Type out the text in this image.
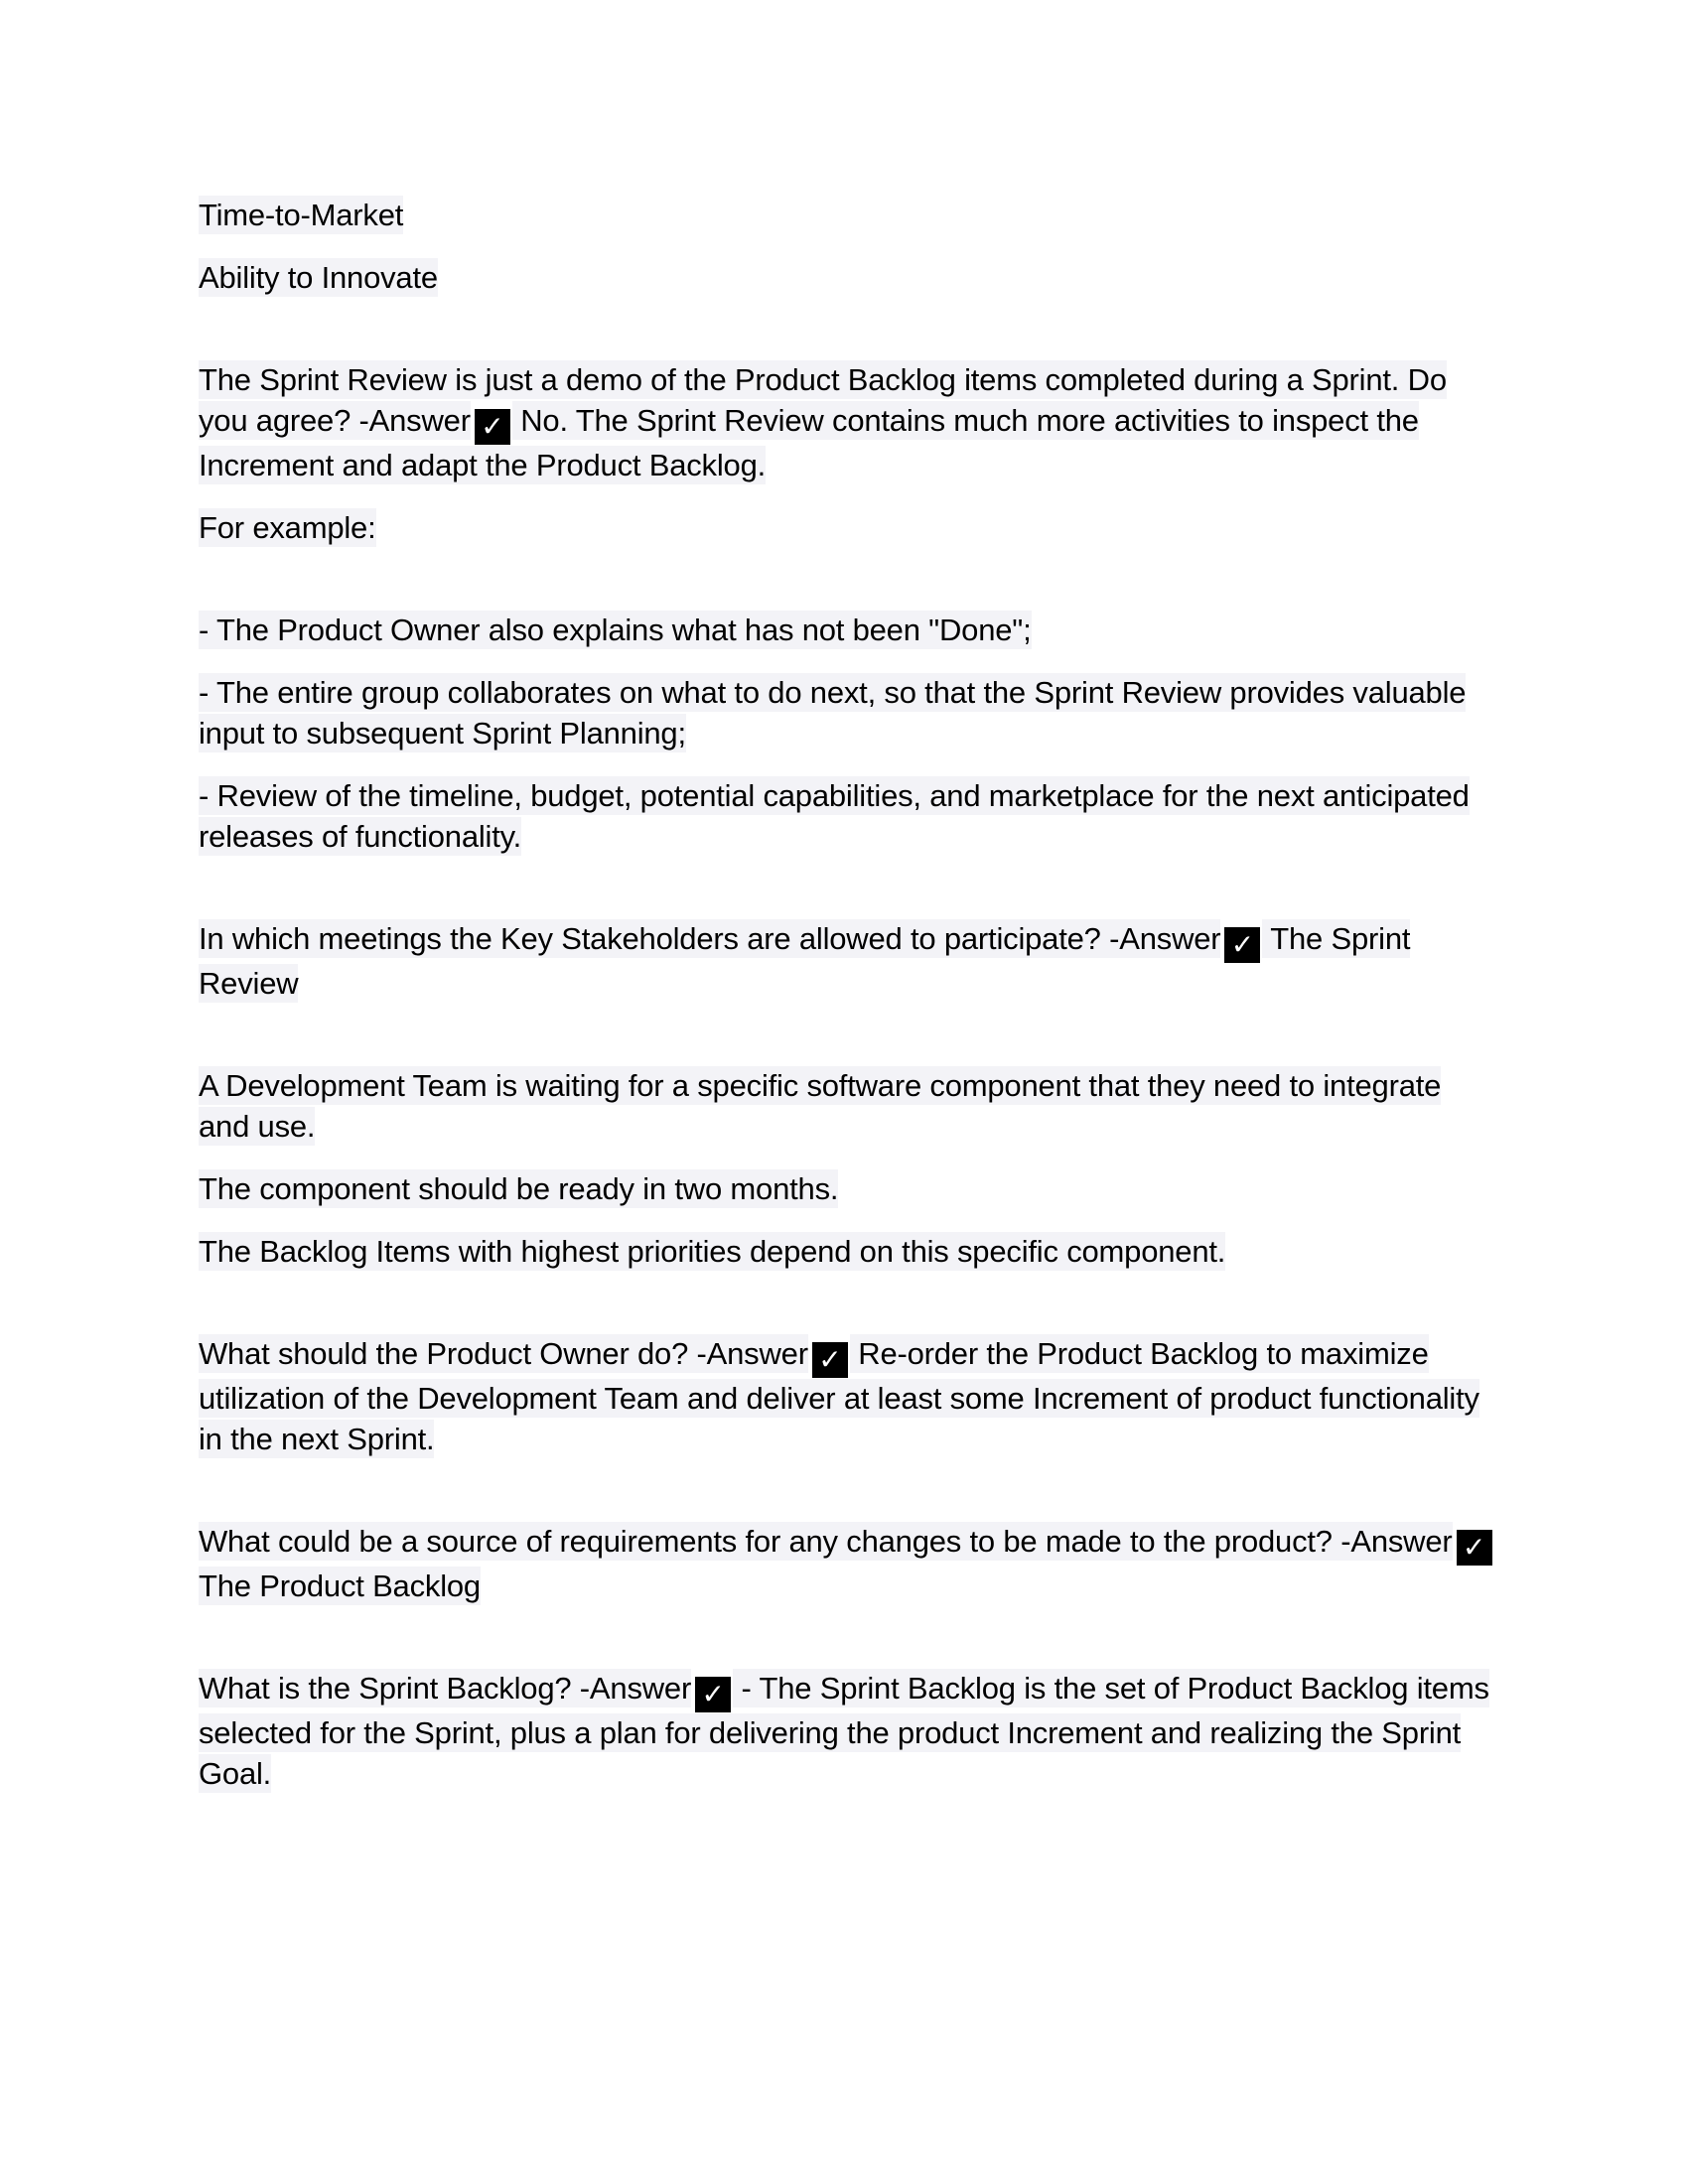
Time-to-Market

Ability to Innovate

The Sprint Review is just a demo of the Product Backlog items completed during a Sprint. Do you agree? -Answer ✓ No. The Sprint Review contains much more activities to inspect the Increment and adapt the Product Backlog.

For example:

- The Product Owner also explains what has not been "Done";

- The entire group collaborates on what to do next, so that the Sprint Review provides valuable input to subsequent Sprint Planning;

- Review of the timeline, budget, potential capabilities, and marketplace for the next anticipated releases of functionality.

In which meetings the Key Stakeholders are allowed to participate? -Answer ✓ The Sprint Review

A Development Team is waiting for a specific software component that they need to integrate and use.

The component should be ready in two months.

The Backlog Items with highest priorities depend on this specific component.

What should the Product Owner do? -Answer ✓ Re-order the Product Backlog to maximize utilization of the Development Team and deliver at least some Increment of product functionality in the next Sprint.

What could be a source of requirements for any changes to be made to the product? -Answer ✓ The Product Backlog

What is the Sprint Backlog? -Answer ✓ - The Sprint Backlog is the set of Product Backlog items selected for the Sprint, plus a plan for delivering the product Increment and realizing the Sprint Goal.
